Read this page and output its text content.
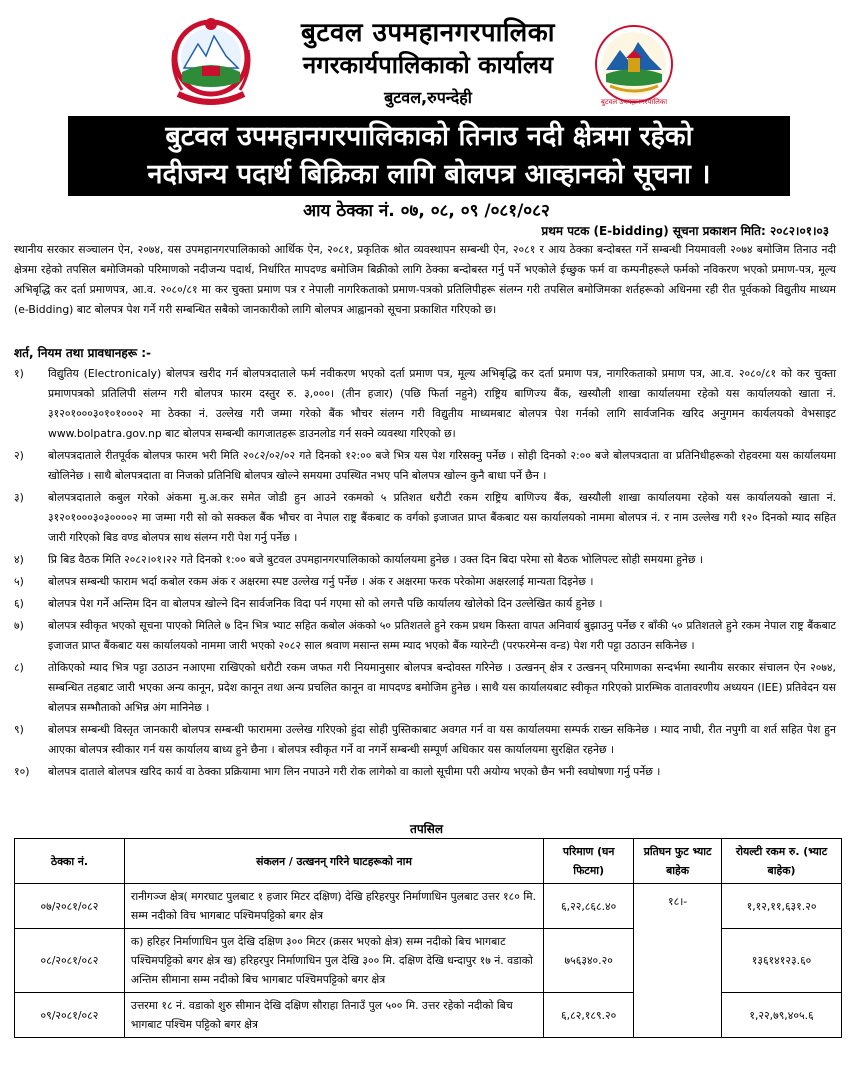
बुटवल उपमहानगरपालिका
नगरकार्यपालिकाको कार्यालय
बुटवल,रुपन्देही	बुटवल उपमहानगरपालिका
बुटवल उपमहानगरपालिकाको तिनाउ नदी क्षेत्रमा रहेको
नदीजन्य पदार्थ बिक्रिका लागि बोलपत्र आव्हानको सूचना ।
आय ठेक्का नं. ०७, ०८, ०९ /०८१/०८२
प्रथम पटक (E-bidding) सूचना प्रकाशन मिति: २०८२।०१।०३

स्थानीय सरकार सञ्चालन ऐन, २०७४, यस उपमहानगरपालिकाको आर्थिक ऐन, २०८१, प्रकृतिक श्रोत व्यवस्थापन सम्बन्धी ऐन, २०८१ र आय ठेक्का बन्दोबस्त गर्ने सम्बन्धी नियमावली २०७४ बमोजिम तिनाउ नदी क्षेत्रमा रहेको तपसिल बमोजिमको परिमाणको नदीजन्य पदार्थ, निर्धारित मापदण्ड बमोजिम बिक्रीको लागि ठेक्का बन्दोबस्त गर्नु पर्ने भएकोले ईच्छुक फर्म वा कम्पनीहरूले फर्मको नविकरण भएको प्रमाण-पत्र, मूल्य अभिबृद्धि कर दर्ता प्रमाणपत्र, आ.व. २०८०/८१ मा कर चुक्ता प्रमाण पत्र र नेपाली नागरिकताको प्रमाण-पत्रको प्रतिलिपीहरू संलग्न गरी तपसिल बमोजिमका शर्तहरूको अधिनमा रही रीत पूर्वकको विद्युतीय माध्यम (e-Bidding) बाट बोलपत्र पेश गर्ने गरी सम्बन्धित सबैको जानकारीको लागि बोलपत्र आह्वानको सूचना प्रकाशित गरिएको छ।

शर्त, नियम तथा प्रावधानहरू :-
१)	विद्युतिय (Electronicaly) बोलपत्र खरीद गर्न बोलपत्रदाताले फर्म नवीकरण भएको दर्ता प्रमाण पत्र, मूल्य अभिबृद्धि कर दर्ता प्रमाण पत्र, नागरिकताको प्रमाण पत्र, आ.व. २०८०/८१ को कर चुक्ता प्रमाणपत्रको प्रतिलिपी संलग्न गरी बोलपत्र फारम दस्तुर रु. ३,०००। (तीन हजार) (पछि फिर्ता नहुने) राष्ट्रिय बाणिज्य बैंक, खस्यौली शाखा कार्यालयमा रहेको यस कार्यालयको खाता नं. ३१२०१०००३०१०१०००२ मा ठेक्का नं. उल्लेख गरी जम्मा गरेको बैंक भौचर संलग्न गरी विद्युतीय माध्यमबाट बोलपत्र पेश गर्नको लागि सार्वजनिक खरिद अनुगमन कार्यलयको वेभसाइट www.bolpatra.gov.np बाट बोलपत्र सम्बन्धी कागजातहरू डाउनलोड गर्न सक्ने व्यवस्था गरिएको छ।
२)	बोलपत्रदाताले रीतपूर्वक बोलपत्र फारम भरी मिति २०८२/०२/०२ गते दिनको १२:०० बजे भित्र यस पेश गरिसक्नु पर्नेछ । सोही दिनको २:०० बजे बोलपत्रदाता वा प्रतिनिधीहरूको रोहवरमा यस कार्यालयमा खोलिनेछ । साथै बोलपत्रदाता वा निजको प्रतिनिधि बोलपत्र खोल्ने समयमा उपस्थित नभए पनि बोलपत्र खोल्न कुनै बाधा पर्ने छैन ।
३)	बोलपत्रदाताले कबुल गरेको अंकमा मु.अ.कर समेत जोडी हुन आउने रकमको ५ प्रतिशत धरौटी रकम राष्ट्रिय बाणिज्य बैंक, खस्यौली शाखा कार्यालयमा रहेको यस कार्यालयको खाता नं. ३१२०१०००३०३००००२ मा जम्मा गरी सो को सक्कल बैंक भौचर वा नेपाल राष्ट्र बैंकबाट क वर्गको इजाजत प्राप्त बैंकबाट यस कार्यालयको नाममा बोलपत्र नं. र नाम उल्लेख गरी १२० दिनको म्याद सहित जारी गरिएको बिड वण्ड बोलपत्र साथ संलग्न गरी पेश गर्नु पर्नेछ ।
४)	प्रि बिड वैठक मिति २०८२।०१।२२ गते दिनको १:०० बजे बुटवल उपमहानगरपालिकाको कार्यालयमा हुनेछ । उक्त दिन बिदा परेमा सो बैठक भोलिपल्ट सोही समयमा हुनेछ ।
५)	बोलपत्र सम्बन्धी फाराम भर्दा कबोल रकम अंक र अक्षरमा स्पष्ट उल्लेख गर्नु पर्नेछ । अंक र अक्षरमा फरक परेकोमा अक्षरलाई मान्यता दिइनेछ ।
६)	बोलपत्र पेश गर्ने अन्तिम दिन वा बोलपत्र खोल्ने दिन सार्वजनिक विदा पर्न गएमा सो को लगत्तै पछि कार्यालय खोलेको दिन उल्लेखित कार्य हुनेछ ।
७)	बोलपत्र स्वीकृत भएको सूचना पाएको मितिले ७ दिन भित्र भ्याट सहित कबोल अंकको ५० प्रतिशतले हुने रकम प्रथम किस्ता वापत अनिवार्य बुझाउनु पर्नेछ र बाँकी ५० प्रतिशतले हुने रकम नेपाल राष्ट्र बैंकबाट इजाजत प्राप्त बैंकबाट यस कार्यालयको नाममा जारी भएको २०८२ साल श्रवाण मसान्त सम्म म्याद भएको बैंक ग्यारेन्टी (परफरमेन्स वन्ड) पेश गरी पट्टा उठाउन सकिनेछ ।
८)	तोकिएको म्याद भित्र पट्टा उठाउन नआएमा राखिएको धरौटी रकम जफत गरी नियमानुसार बोलपत्र बन्दोवस्त गरिनेछ । उत्खनन् क्षेत्र र उत्खनन् परिमाणका सन्दर्भमा स्थानीय सरकार संचालन ऐन २०७४, सम्बन्धित तहबाट जारी भएका अन्य कानून, प्रदेश कानून तथा अन्य प्रचलित कानून वा मापदण्ड बमोजिम हुनेछ । साथै यस कार्यालयबाट स्वीकृत गरिएको प्रारम्भिक वातावरणीय अध्ययन (IEE) प्रतिवेदन यस बोलपत्र सम्भौताको अभिन्न अंग मानिनेछ ।
९)	बोलपत्र सम्बन्धी विस्तृत जानकारी बोलपत्र सम्बन्धी फाराममा उल्लेख गरिएको हुंदा सोही पुस्तिकाबाट अवगत गर्न वा यस कार्यालयमा सम्पर्क राख्न सकिनेछ । म्याद नाघी, रीत नपुगी वा शर्त सहित पेश हुन आएका बोलपत्र स्वीकार गर्न यस कार्यालय बाध्य हुने छैना । बोलपत्र स्वीकृत गर्ने वा नगर्ने सम्बन्धी सम्पूर्ण अधिकार यस कार्यालयमा सुरक्षित रहनेछ ।
१०)	बोलपत्र दाताले बोलपत्र खरिद कार्य वा ठेक्का प्रक्रियामा भाग लिन नपाउने गरी रोक लागेको वा कालो सूचीमा परी अयोग्य भएको छैन भनी स्वघोषणा गर्नु पर्नेछ ।
तपसिल
ठेक्का नं.	संकलन / उत्खनन् गरिने घाटहरूको नाम	परिमाण (घन फिटमा)	प्रतिघन फुट भ्याट बाहेक	रोयल्टी रकम रु. (भ्याट बाहेक)
०७/२०८१/०८२	रानीगञ्ज क्षेत्र( मगरघाट पुलबाट १ हजार मिटर दक्षिण) देखि हरिहरपुर निर्माणाधिन पुलबाट उत्तर १८० मि. सम्म नदीको विच भागबाट पश्चिमपट्टिको बगर क्षेत्र	६,२२,८६८.४०	१८।-	१,१२,११,६३१.२०
०८/२०८१/०८२	क) हरिहर निर्माणाधिन पुल देखि दक्षिण ३०० मिटर (क्रसर भएको क्षेत्र) सम्म नदीको बिच भागबाट पश्चिमपट्टिको बगर क्षेत्र ख) हरिहरपुर निर्माणाधिन पुल देखि ३०० मि. दक्षिण देखि धन्दापुर १७ नं. वडाको अन्तिम सीमाना सम्म नदीको बिच भागबाट पश्चिमपट्टिको बगर क्षेत्र	७५६३४०.२०		१३६१४१२३.६०
०९/२०८१/०८२	उत्तरमा १८ नं. वडाको शुरु सीमान देखि दक्षिण सौराहा तिनाउँ पुल ५०० मि. उत्तर रहेको नदीको बिच भागबाट पश्चिम पट्टिको बगर क्षेत्र	६,८२,१८९.२०		१,२२,७९,४०५.६
